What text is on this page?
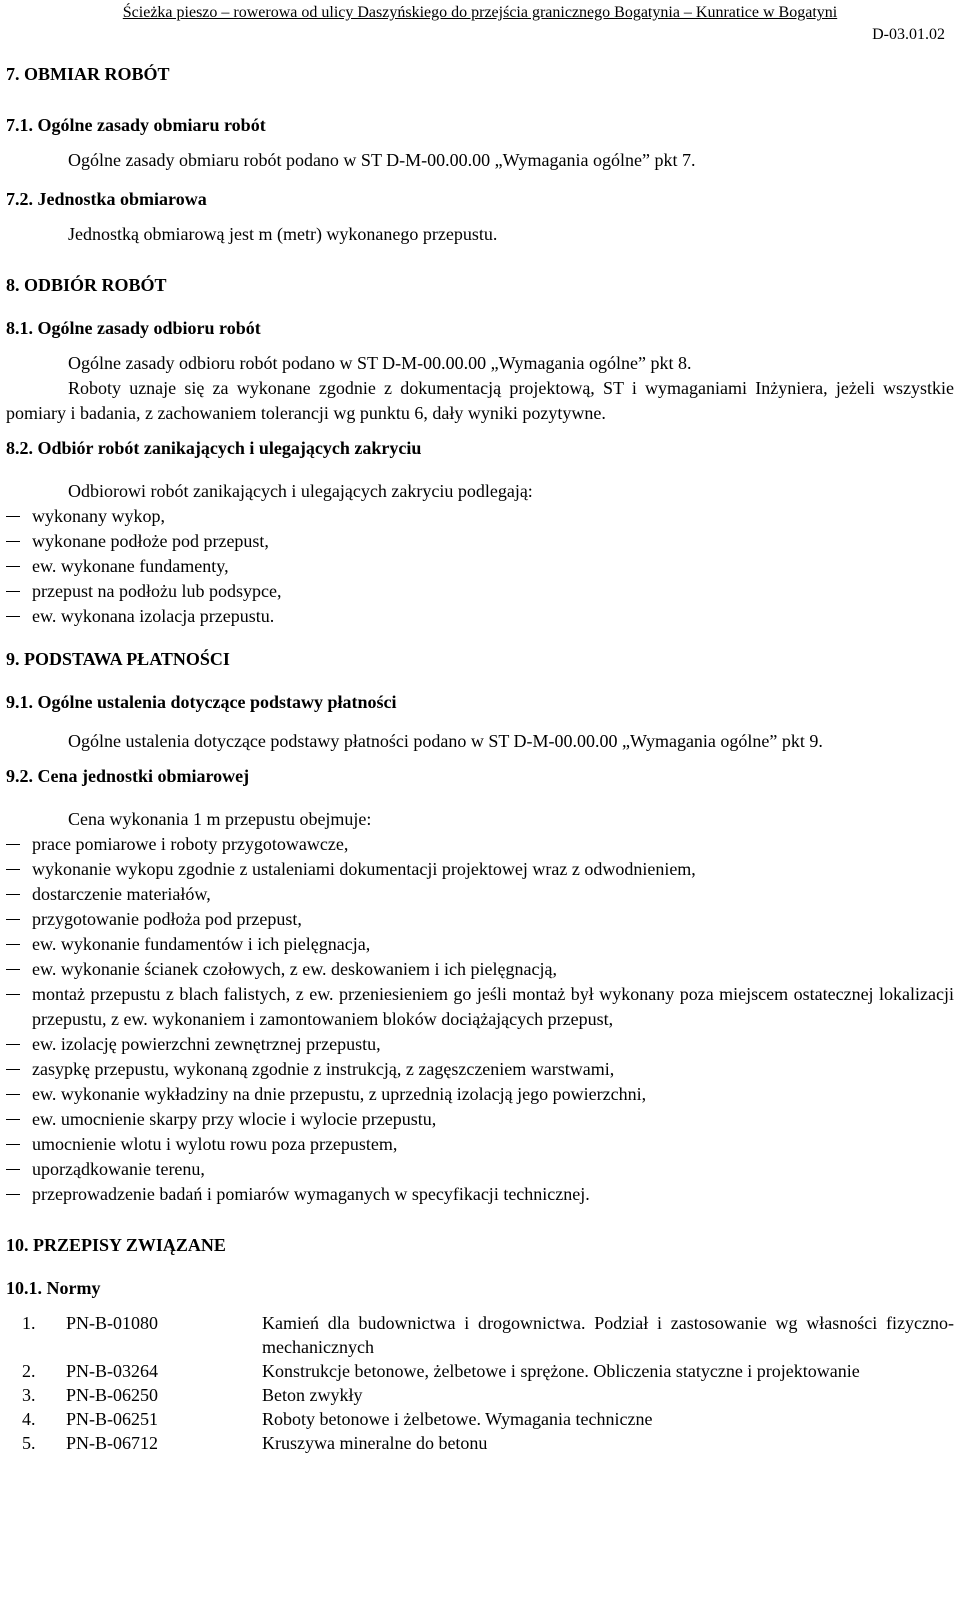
Ścieżka pieszo – rowerowa od ulicy Daszyńskiego do przejścia granicznego Bogatynia – Kunratice w Bogatyni
D-03.01.02
7. OBMIAR ROBÓT
7.1. Ogólne zasady obmiaru robót
Ogólne zasady obmiaru robót podano w ST D-M-00.00.00 „Wymagania ogólne” pkt 7.
7.2. Jednostka obmiarowa
Jednostką obmiarową jest m (metr) wykonanego przepustu.
8. ODBIÓR ROBÓT
8.1. Ogólne zasady odbioru robót
Ogólne zasady odbioru robót podano w ST D-M-00.00.00 „Wymagania ogólne” pkt 8.
Roboty uznaje się za wykonane zgodnie z dokumentacją projektową, ST i wymaganiami Inżyniera, jeżeli wszystkie pomiary i badania, z zachowaniem tolerancji wg punktu 6, dały wyniki pozytywne.
8.2. Odbiór robót zanikających i ulegających zakryciu
Odbiorowi robót zanikających i ulegających zakryciu podlegają:
wykonany wykop,
wykonane podłoże pod przepust,
ew. wykonane fundamenty,
przepust na podłożu lub podsypce,
ew. wykonana izolacja przepustu.
9. PODSTAWA PŁATNOŚCI
9.1. Ogólne ustalenia dotyczące podstawy płatności
Ogólne ustalenia dotyczące podstawy płatności podano w ST D-M-00.00.00 „Wymagania ogólne” pkt 9.
9.2. Cena jednostki obmiarowej
Cena wykonania 1 m przepustu obejmuje:
prace pomiarowe i roboty przygotowawcze,
wykonanie wykopu zgodnie z ustaleniami dokumentacji projektowej wraz z odwodnieniem,
dostarczenie materiałów,
przygotowanie podłoża pod przepust,
ew. wykonanie fundamentów i ich pielęgnacja,
ew. wykonanie ścianek czołowych, z ew. deskowaniem i ich pielęgnacją,
montaż przepustu z blach falistych, z ew. przeniesieniem go jeśli montaż był wykonany poza miejscem ostatecznej lokalizacji przepustu, z ew. wykonaniem i zamontowaniem bloków dociążających przepust,
ew. izolację powierzchni zewnętrznej przepustu,
zasypkę przepustu, wykonaną zgodnie z instrukcją, z zagęszczeniem warstwami,
ew. wykonanie wykładziny na dnie przepustu, z uprzednią izolacją jego powierzchni,
ew. umocnienie skarpy przy wlocie i wylocie przepustu,
umocnienie wlotu i wylotu rowu poza przepustem,
uporządkowanie terenu,
przeprowadzenie badań i pomiarów wymaganych w specyfikacji technicznej.
10. PRZEPISY ZWIĄZANE
10.1. Normy
1.	PN-B-01080	Kamień dla budownictwa i drogownictwa. Podział i zastosowanie wg własności fizyczno-mechanicznych
2.	PN-B-03264	Konstrukcje betonowe, żelbetowe i sprężone. Obliczenia statyczne i projektowanie
3.	PN-B-06250	Beton zwykły
4.	PN-B-06251	Roboty betonowe i żelbetowe. Wymagania techniczne
5.	PN-B-06712	Kruszywa mineralne do betonu
